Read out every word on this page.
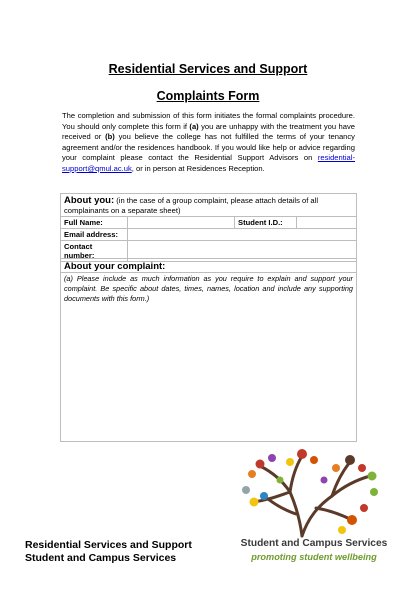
Residential Services and Support
Complaints Form
The completion and submission of this form initiates the formal complaints procedure. You should only complete this form if (a) you are unhappy with the treatment you have received or (b) you believe the college has not fulfilled the terms of your tenancy agreement and/or the residences handbook. If you would like help or advice regarding your complaint please contact the Residential Support Advisors on residential-support@qmul.ac.uk, or in person at Residences Reception.
About you: (in the case of a group complaint, please attach details of all complainants on a separate sheet)			
Full Name:		Student I.D.:	
Email address:			
Contact number:			
About your complaint:
(a) Please include as much information as you require to explain and support your complaint. Be specific about dates, times, names, location and include any supporting documents with this form.)
Student and Campus Services
promoting student wellbeing
Residential Services and Support
Student and Campus Services
